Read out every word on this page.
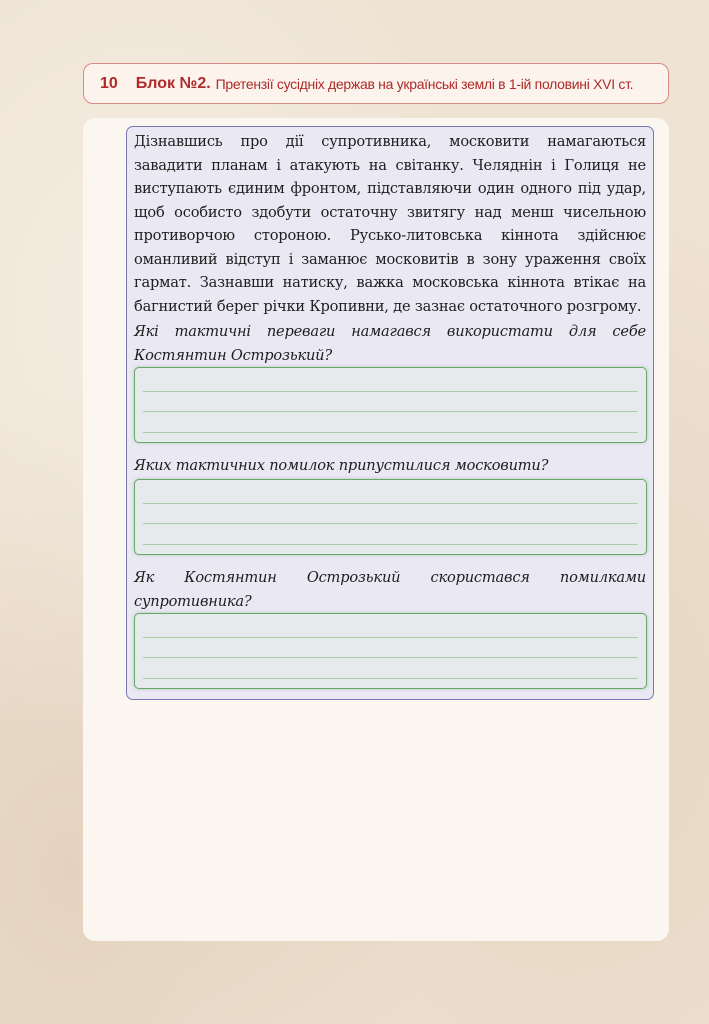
10 Блок №2. Претензії сусідніх держав на українські землі в 1-ій половині XVI ст.

Дізнавшись про дії супротивника, московити намагаються завадити планам і атакують на світанку. Челяднін і Голиця не виступають єдиним фронтом, підставляючи один одного під удар, щоб особисто здобути остаточну звитягу над менш чисельною противорчою стороною. Русько-литовська кіннота здійснює оманливий відступ і заманює московитів в зону ураження своїх гармат. Зазнавши натиску, важка московська кіннота втікає на багнистий берег річки Кропивни, де зазнає остаточного розгрому.

Які тактичні переваги намагався використати для себе Костянтин Острозький?

Яких тактичних помилок припустилися московити?

Як Костянтин Острозький скористався помилками супротивника?
